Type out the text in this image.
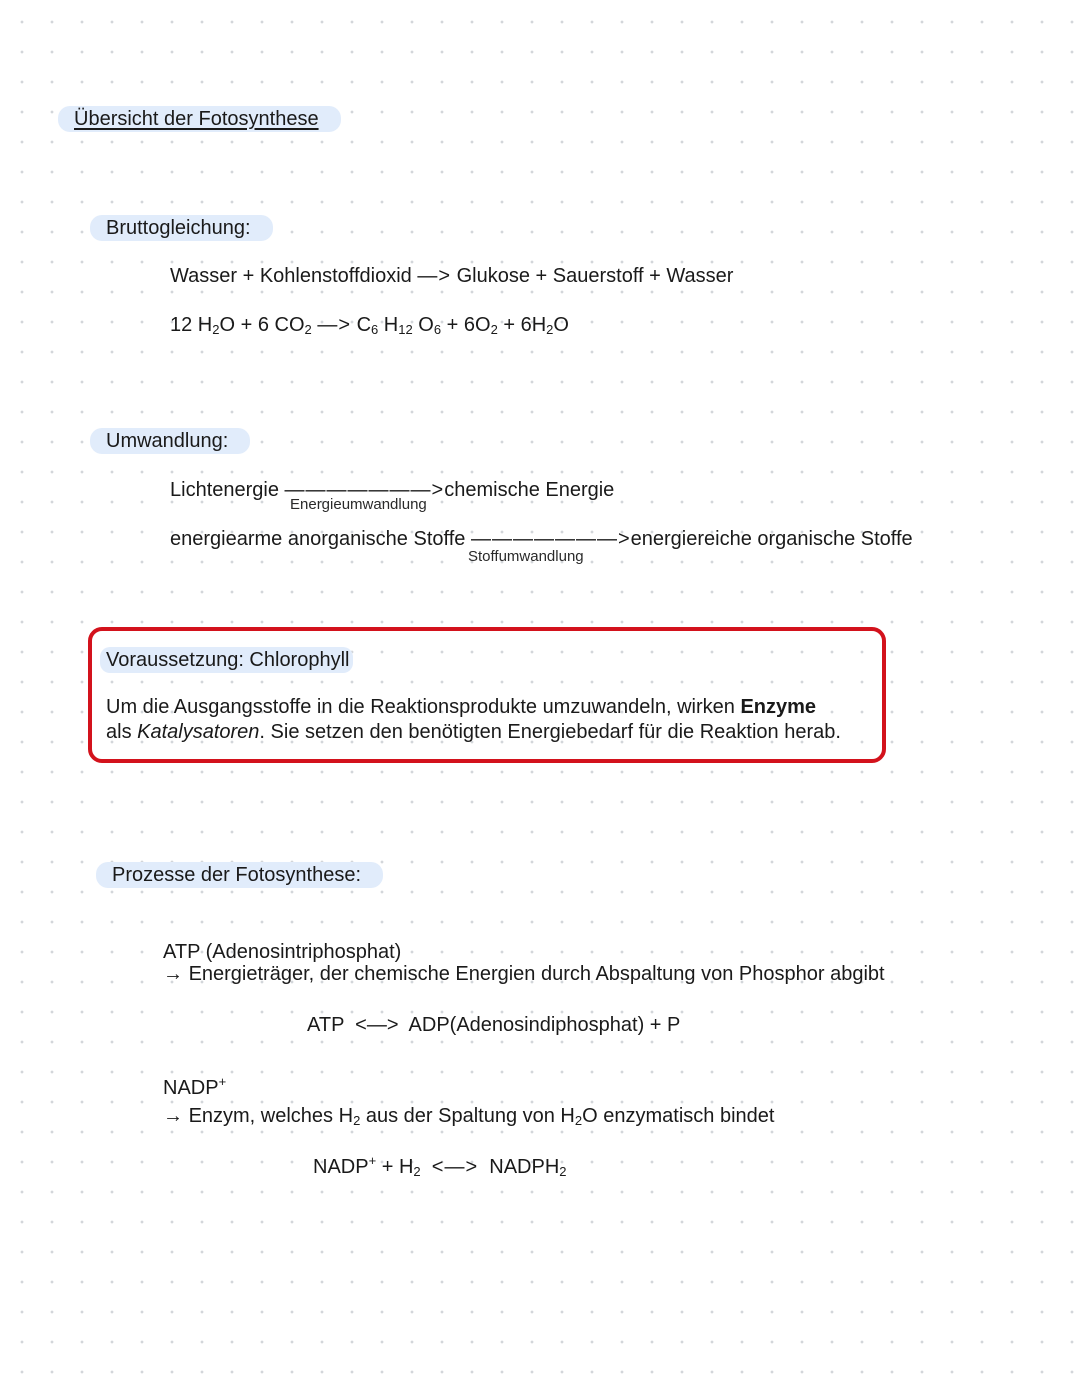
Übersicht der Fotosynthese
Bruttogleichung:
Wasser + Kohlenstoffdioxid —> Glukose + Sauerstoff + Wasser
12 $H_2O + 6$ $CO_2$ —> $C_6$ $H_{12}$ $O_6 + 6O_2 + 6H_2O$
Umwandlung:
Lichtenergie ———————>chemische Energie
Energieumwandlung
energiearme anorganische Stoffe ———————>energiereiche organische Stoffe
Stoffumwandlung
Voraussetzung: Chlorophyll
Um die Ausgangsstoffe in die Reaktionsprodukte umzuwandeln, wirken Enzyme
als Katalysatoren. Sie setzen den benötigten Energiebedarf für die Reaktion herab.
Prozesse der Fotosynthese:
ATP (Adenosintriphosphat)
→ Energieträger, der chemische Energien durch Abspaltung von Phosphor abgibt
ATP  <—>  ADP(Adenosindiphosphat) + P
NADP+
→ Enzym, welches $H_2$ aus der Spaltung von $H_2O$ enzymatisch bindet
NADP+ + $H_2$ <—> $NADPH_2$
